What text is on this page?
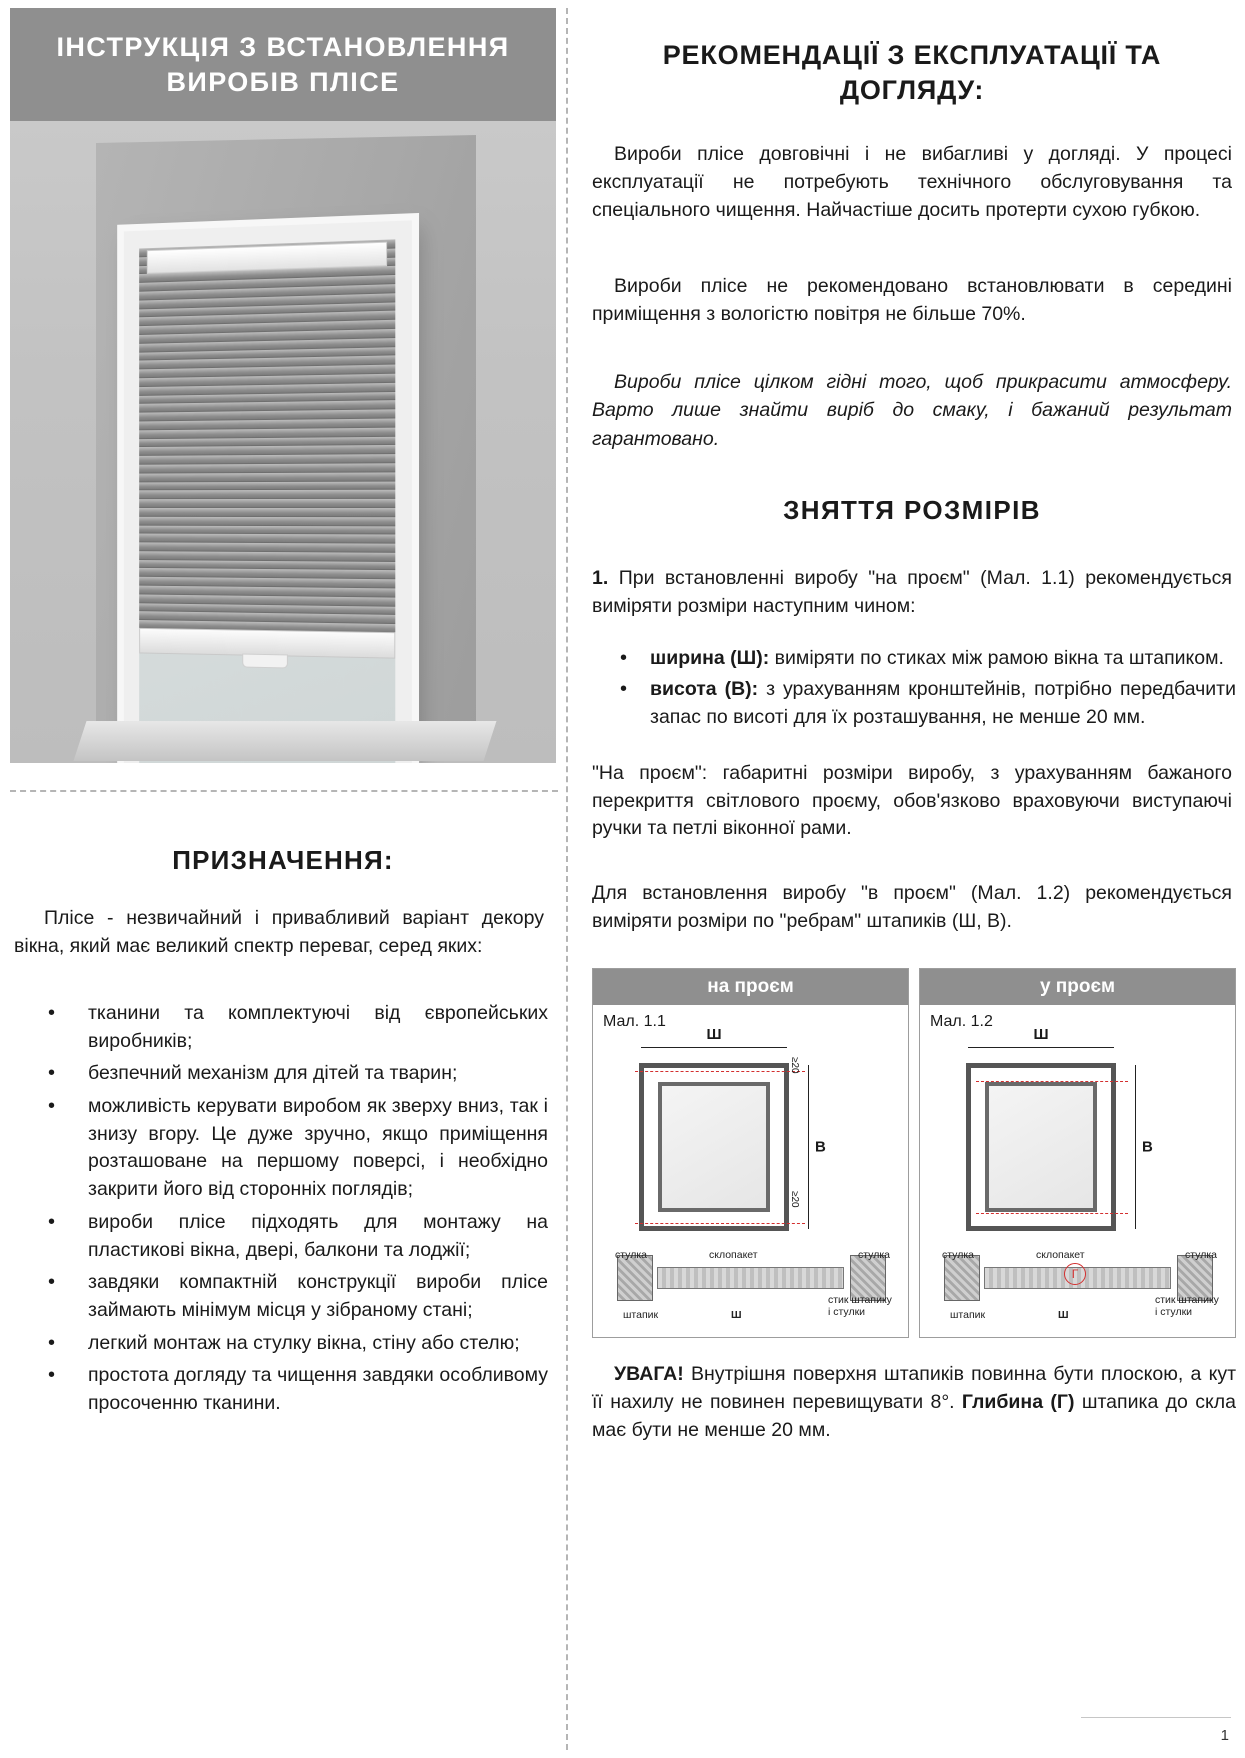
ІНСТРУКЦІЯ З ВСТАНОВЛЕННЯ ВИРОБІВ ПЛІСЕ
ПРИЗНАЧЕННЯ:
Пліcе - незвичайний і привабливий варіант декору вікна, який має великий спектр переваг, серед яких:
• тканини та комплектуючі від європейських виробників;
• безпечний механізм для дітей та тварин;
• можливість керувати виробом як зверху вниз, так і знизу вгору. Це дуже зручно, якщо приміщення розташоване на першому поверсі, і необхідно закрити його від сторонніх поглядів;
• вироби пліcе підходять для монтажу на пластикові вікна, двері, балкони та лоджії;
• завдяки компактній конструкції вироби пліcе займають мінімум місця у зібраному стані;
• легкий монтаж на стулку вікна, стіну або стелю;
• простота догляду та чищення завдяки особливому просоченню тканини.
РЕКОМЕНДАЦІЇ З ЕКСПЛУАТАЦІЇ ТА ДОГЛЯДУ:
Вироби пліcе довговічні і не вибагливі у догляді. У процесі експлуатації не потребують технічного обслуговування та спеціального чищення. Найчастіше досить протерти сухою губкою.
Вироби пліcе не рекомендовано встановлювати в середині приміщення з вологістю повітря не більше 70%.
Вироби пліcе цілком гідні того, щоб прикрасити атмосферу. Варто лише знайти виріб до смаку, і бажаний результат гарантовано.
ЗНЯТТЯ РОЗМІРІВ
1. При встановленні виробу "на проєм" (Мал. 1.1) рекомендується виміряти розміри наступним чином:
• ширина (Ш): виміряти по стиках між рамою вікна та штапиком.
• висота (В): з урахуванням кронштейнів, потрібно передбачити запас по висоті для їх розташування, не менше 20 мм.
"На проєм": габаритні розміри виробу, з урахуванням бажаного перекриття світлового проєму, обов'язково враховуючи виступаючі ручки та петлі віконної рами.
Для встановлення виробу "в проєм" (Мал. 1.2) рекомендується виміряти розміри по "ребрам" штапиків (Ш, В).
на проєм
Мал. 1.1
Ш
≥20
≥20
В
стулка	склопакет	стулка
штапик	Ш
стик штапику і стулки
у проєм
Мал. 1.2
Ш
В
стулка	склопакет	стулка
штапик	Ш
стик штапику і стулки
Г
УВАГА! Внутрішня поверхня штапиків повинна бути плоскою, а кут її нахилу не повинен перевищувати 8°. Глибина (Г) штапика до скла має бути не менше 20 мм.
1
